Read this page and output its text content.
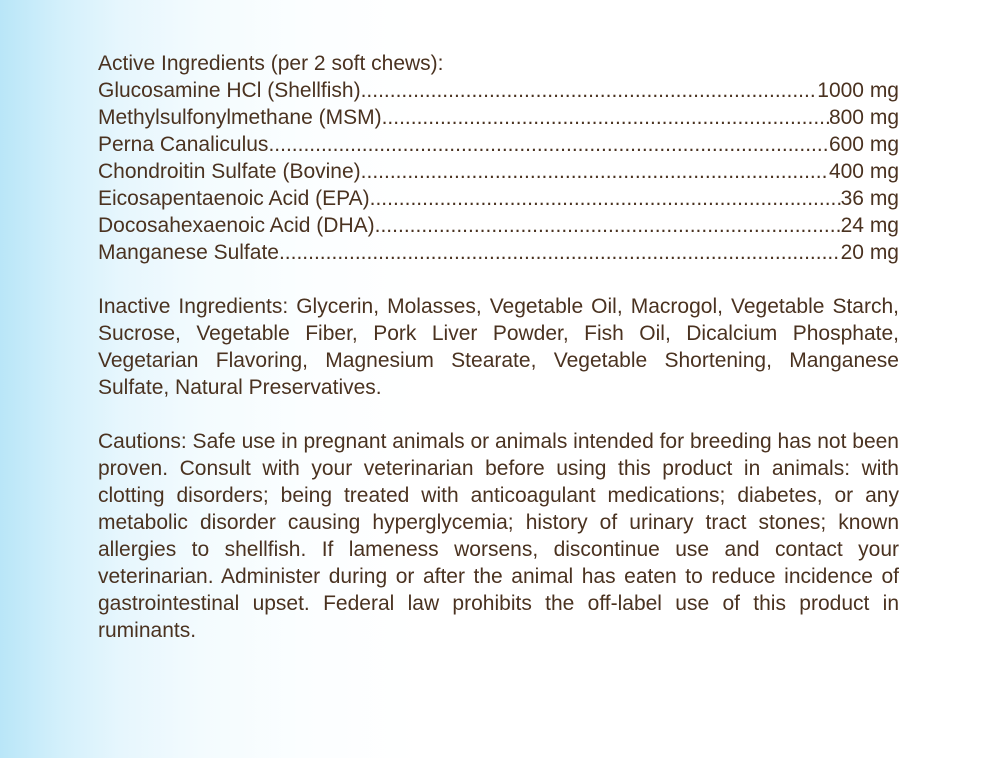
Active Ingredients (per 2 soft chews):
Glucosamine HCl (Shellfish) .....	1000 mg
Methylsulfonylmethane (MSM) .....	800 mg
Perna Canaliculus .....	600 mg
Chondroitin Sulfate (Bovine) .....	400 mg
Eicosapentaenoic Acid (EPA) .....	36 mg
Docosahexaenoic Acid (DHA) .....	24 mg
Manganese Sulfate .....	20 mg

Inactive Ingredients: Glycerin, Molasses, Vegetable Oil, Macrogol, Vegetable Starch, Sucrose, Vegetable Fiber, Pork Liver Powder, Fish Oil, Dicalcium Phosphate, Vegetarian Flavoring, Magnesium Stearate, Vegetable Shortening, Manganese Sulfate, Natural Preservatives.

Cautions: Safe use in pregnant animals or animals intended for breeding has not been proven. Consult with your veterinarian before using this product in animals: with clotting disorders; being treated with anticoagulant medications; diabetes, or any metabolic disorder causing hyperglycemia; history of urinary tract stones; known allergies to shellfish. If lameness worsens, discontinue use and contact your veterinarian. Administer during or after the animal has eaten to reduce incidence of gastrointestinal upset. Federal law prohibits the off-label use of this product in ruminants.
